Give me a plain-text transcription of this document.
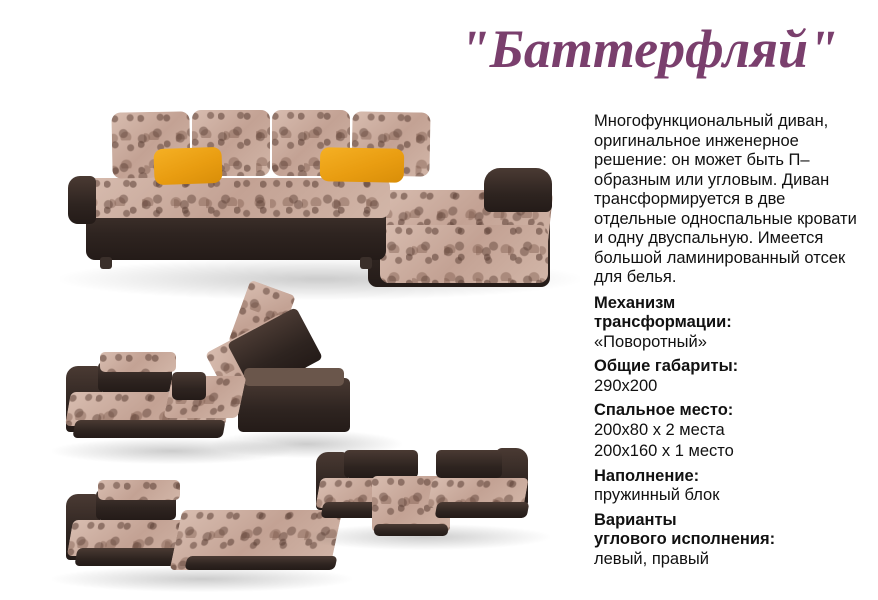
"Баттерфляй"

Многофункциональный диван, оригинальное инженерное решение: он может быть П–образным или угловым. Диван трансформируется в две отдельные односпальные кровати и одну двуспальную. Имеется большой ламинированный отсек для белья.

Механизм

трансформации:

«Поворотный»

Общие габариты:

290х200

Спальное место:

200х80 х 2 места

200х160 х 1 место

Наполнение:

пружинный блок

Варианты

углового исполнения:

левый, правый
